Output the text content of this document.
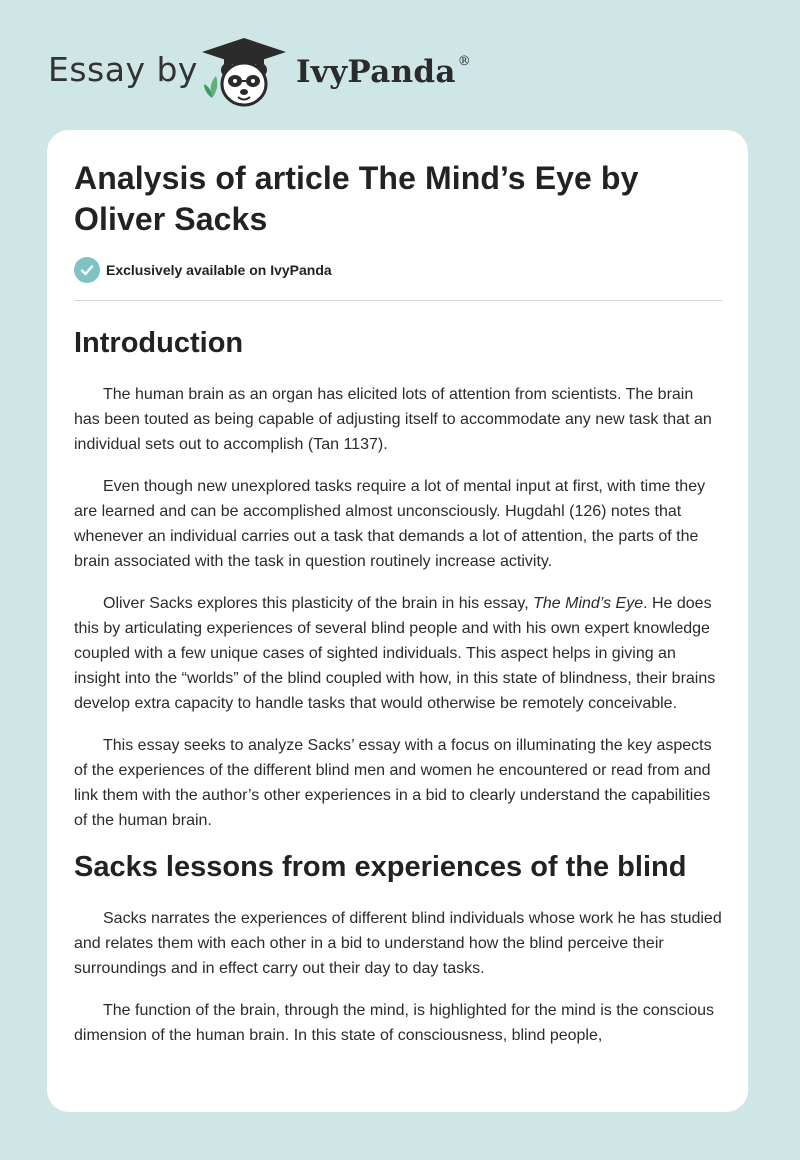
Essay by	IvyPanda ®
Analysis of article The Mind’s Eye by Oliver Sacks
Exclusively available on IvyPanda
Introduction

The human brain as an organ has elicited lots of attention from scientists. The brain has been touted as being capable of adjusting itself to accommodate any new task that an individual sets out to accomplish (Tan 1137).

Even though new unexplored tasks require a lot of mental input at first, with time they are learned and can be accomplished almost unconsciously. Hugdahl (126) notes that whenever an individual carries out a task that demands a lot of attention, the parts of the brain associated with the task in question routinely increase activity.

Oliver Sacks explores this plasticity of the brain in his essay, The Mind’s Eye. He does this by articulating experiences of several blind people and with his own expert knowledge coupled with a few unique cases of sighted individuals. This aspect helps in giving an insight into the “worlds” of the blind coupled with how, in this state of blindness, their brains develop extra capacity to handle tasks that would otherwise be remotely conceivable.

This essay seeks to analyze Sacks’ essay with a focus on illuminating the key aspects of the experiences of the different blind men and women he encountered or read from and link them with the author’s other experiences in a bid to clearly understand the capabilities of the human brain.

Sacks lessons from experiences of the blind

Sacks narrates the experiences of different blind individuals whose work he has studied and relates them with each other in a bid to understand how the blind perceive their surroundings and in effect carry out their day to day tasks.

The function of the brain, through the mind, is highlighted for the mind is the conscious dimension of the human brain. In this state of consciousness, blind people,
